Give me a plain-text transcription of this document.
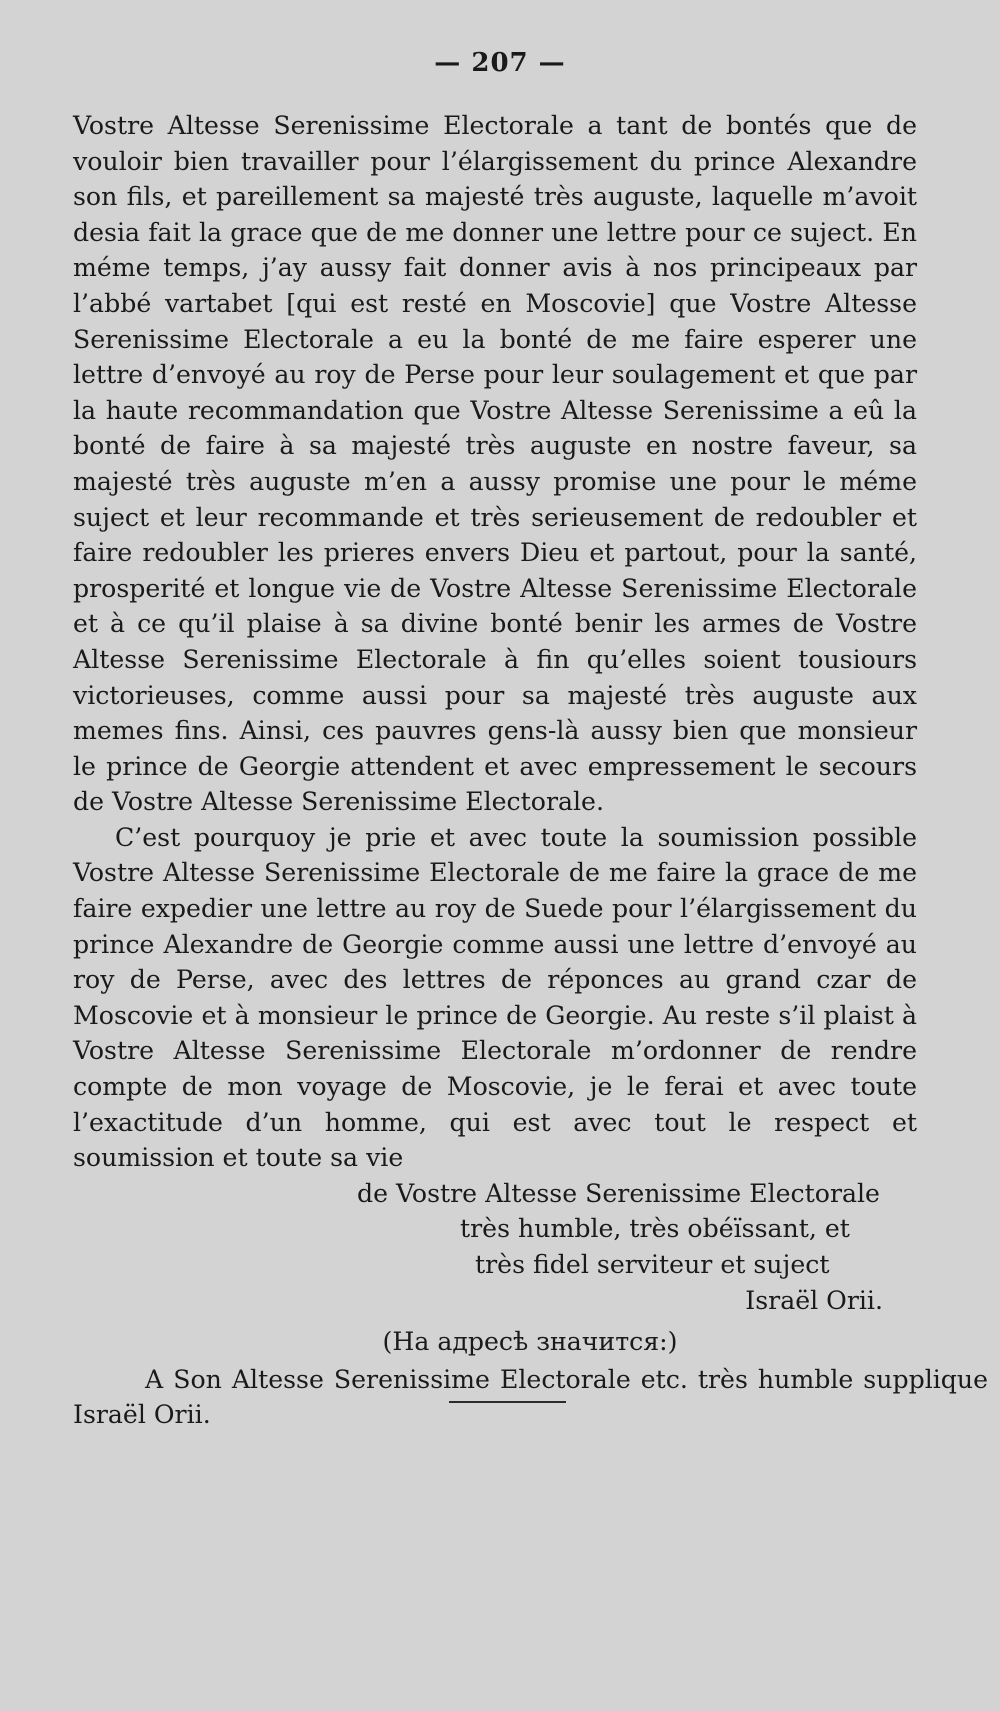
— 207 —

Vostre Altesse Serenissime Electorale a tant de bontés que de vouloir bien travailler pour l’élargissement du prince Alexandre son fils, et pareillement sa majesté très auguste, laquelle m’avoit desia fait la grace que de me donner une lettre pour ce suject. En méme temps, j’ay aussy fait donner avis à nos principeaux par l’abbé vartabet [qui est resté en Moscovie] que Vostre Altesse Serenissime Electorale a eu la bonté de me faire esperer une lettre d’envoyé au roy de Perse pour leur soulagement et que par la haute recommandation que Vostre Altesse Serenissime a eû la bonté de faire à sa majesté très auguste en nostre faveur, sa majesté très auguste m’en a aussy promise une pour le méme suject et leur recommande et très serieusement de redoubler et faire redoubler les prieres envers Dieu et partout, pour la santé, prosperité et longue vie de Vostre Altesse Serenissime Electorale et à ce qu’il plaise à sa divine bonté benir les armes de Vostre Altesse Serenissime Electorale à fin qu’elles soient tousiours victorieuses, comme aussi pour sa majesté très auguste aux memes fins. Ainsi, ces pauvres gens-là aussy bien que monsieur le prince de Georgie attendent et avec empressement le secours de Vostre Altesse Serenissime Electorale.

C’est pourquoy je prie et avec toute la soumission possible Vostre Altesse Serenissime Electorale de me faire la grace de me faire expedier une lettre au roy de Suede pour l’élargissement du prince Alexandre de Georgie comme aussi une lettre d’envoyé au roy de Perse, avec des lettres de réponces au grand czar de Moscovie et à monsieur le prince de Georgie. Au reste s’il plaist à Vostre Altesse Serenissime Electorale m’ordonner de rendre compte de mon voyage de Moscovie, je le ferai et avec toute l’exactitude d’un homme, qui est avec tout le respect et soumission et toute sa vie

de Vostre Altesse Serenissime Electorale
très humble, très obéïssant, et
très fidel serviteur et suject
Israël Orii.

(На адресѣ значится:)

A Son Altesse Serenissime Electorale etc. très humble supplique
Israël Orii.
